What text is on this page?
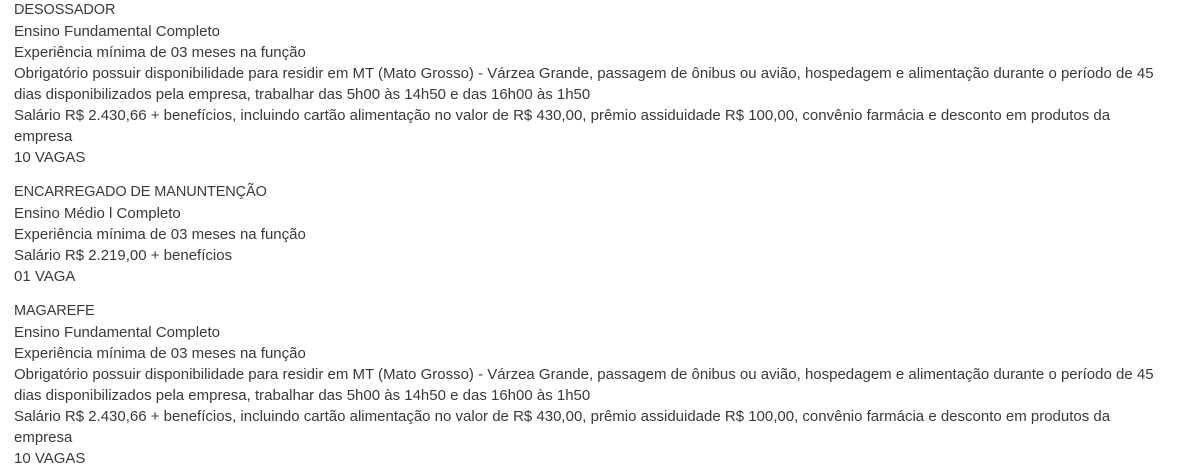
DESOSSADOR

Ensino Fundamental Completo

Experiência mínima de 03 meses na função

Obrigatório possuir disponibilidade para residir em MT (Mato Grosso) - Várzea Grande, passagem de ônibus ou avião, hospedagem e alimentação durante o período de 45 dias disponibilizados pela empresa, trabalhar das 5h00 às 14h50 e das 16h00 às 1h50

Salário R$ 2.430,66 + benefícios, incluindo cartão alimentação no valor de R$ 430,00, prêmio assiduidade R$ 100,00, convênio farmácia e desconto em produtos da empresa

10 VAGAS

ENCARREGADO DE MANUNTENÇÃO

Ensino Médio l Completo

Experiência mínima de 03 meses na função

Salário R$ 2.219,00 + benefícios

01 VAGA

MAGAREFE

Ensino Fundamental Completo

Experiência mínima de 03 meses na função

Obrigatório possuir disponibilidade para residir em MT (Mato Grosso) - Várzea Grande, passagem de ônibus ou avião, hospedagem e alimentação durante o período de 45 dias disponibilizados pela empresa, trabalhar das 5h00 às 14h50 e das 16h00 às 1h50

Salário R$ 2.430,66 + benefícios, incluindo cartão alimentação no valor de R$ 430,00, prêmio assiduidade R$ 100,00, convênio farmácia e desconto em produtos da empresa

10 VAGAS
